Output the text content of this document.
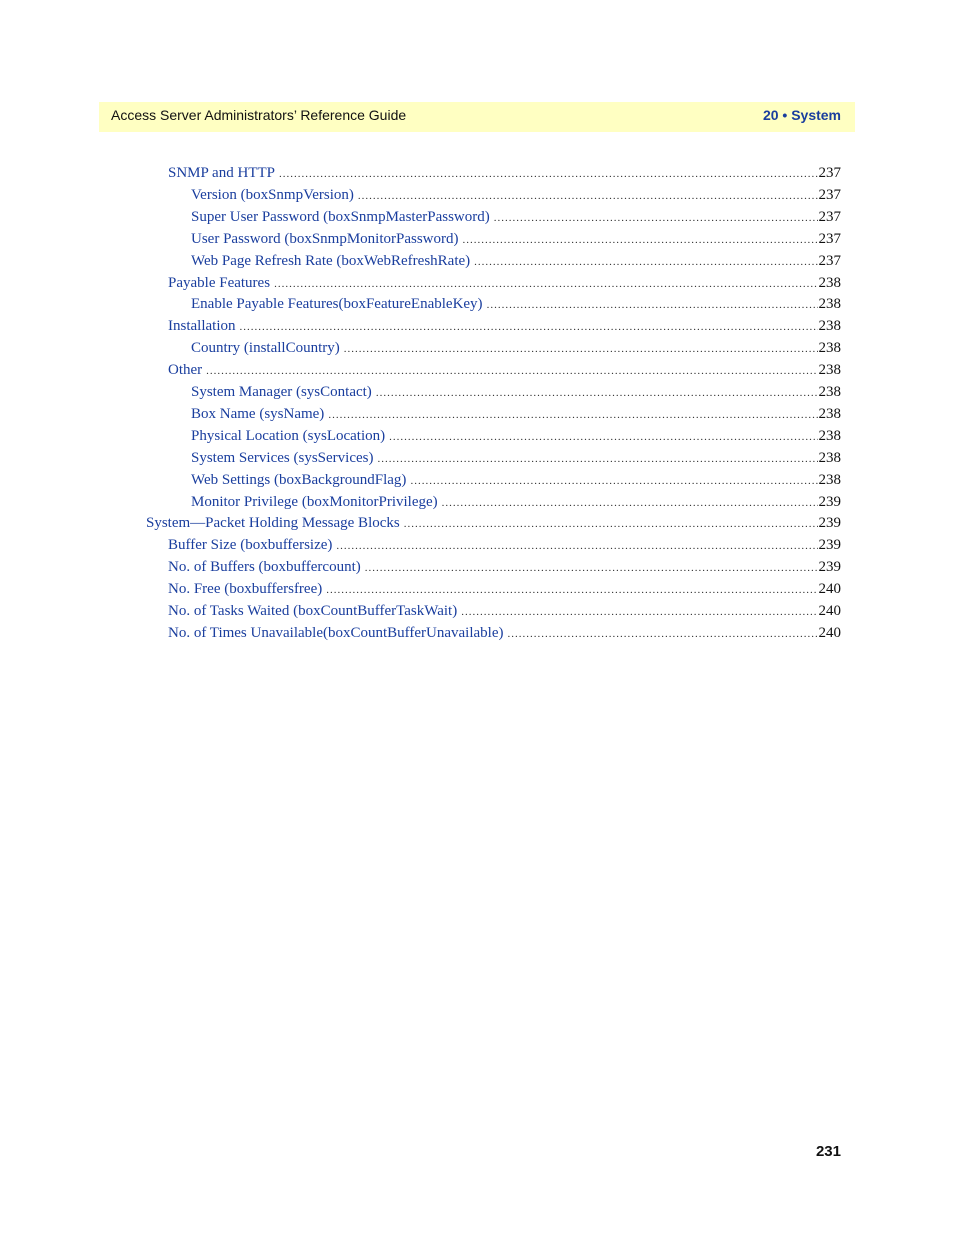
Access Server Administrators’ Reference Guide	20 • System
SNMP and HTTP .....	237
Version (boxSnmpVersion) .....	237
Super User Password (boxSnmpMasterPassword) .....	237
User Password (boxSnmpMonitorPassword) .....	237
Web Page Refresh Rate (boxWebRefreshRate) .....	237
Payable Features .....	238
Enable Payable Features(boxFeatureEnableKey) .....	238
Installation .....	238
Country (installCountry) .....	238
Other .....	238
System Manager (sysContact) .....	238
Box Name (sysName) .....	238
Physical Location (sysLocation) .....	238
System Services (sysServices) .....	238
Web Settings (boxBackgroundFlag) .....	238
Monitor Privilege (boxMonitorPrivilege) .....	239
System—Packet Holding Message Blocks .....	239
Buffer Size (boxbuffersize) .....	239
No. of Buffers (boxbuffercount) .....	239
No. Free (boxbuffersfree) .....	240
No. of Tasks Waited (boxCountBufferTaskWait) .....	240
No. of Times Unavailable(boxCountBufferUnavailable) .....	240
231
